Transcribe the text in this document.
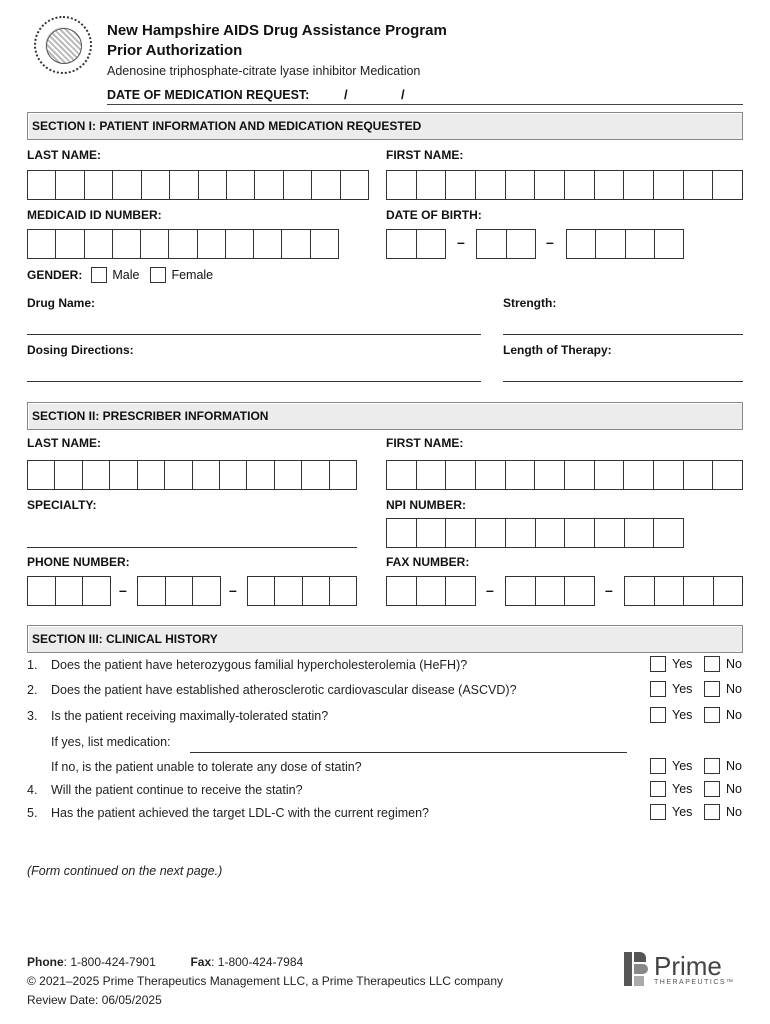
New Hampshire AIDS Drug Assistance Program
Prior Authorization
Adenosine triphosphate-citrate lyase inhibitor Medication
DATE OF MEDICATION REQUEST:	/	/
SECTION I: PATIENT INFORMATION AND MEDICATION REQUESTED
LAST NAME:	FIRST NAME:
MEDICAID ID NUMBER:	DATE OF BIRTH:
–	–
GENDER: Male	Female
Drug Name:	Strength:
Dosing Directions:	Length of Therapy:
SECTION II: PRESCRIBER INFORMATION
LAST NAME:	FIRST NAME:
SPECIALTY:	NPI NUMBER:
PHONE NUMBER:	FAX NUMBER:
–	–	–	–
SECTION III: CLINICAL HISTORY
1. Does the patient have heterozygous familial hypercholesterolemia (HeFH)?	Yes	No
2. Does the patient have established atherosclerotic cardiovascular disease (ASCVD)?	Yes	No
3. Is the patient receiving maximally-tolerated statin?	Yes	No
If yes, list medication:
If no, is the patient unable to tolerate any dose of statin?	Yes	No
4. Will the patient continue to receive the statin?	Yes	No
5. Has the patient achieved the target LDL-C with the current regimen?	Yes	No
(Form continued on the next page.)
Phone: 1-800-424-7901	Fax: 1-800-424-7984
© 2021–2025 Prime Therapeutics Management LLC, a Prime Therapeutics LLC company
Review Date: 06/05/2025
Prime
THERAPEUTICS™
